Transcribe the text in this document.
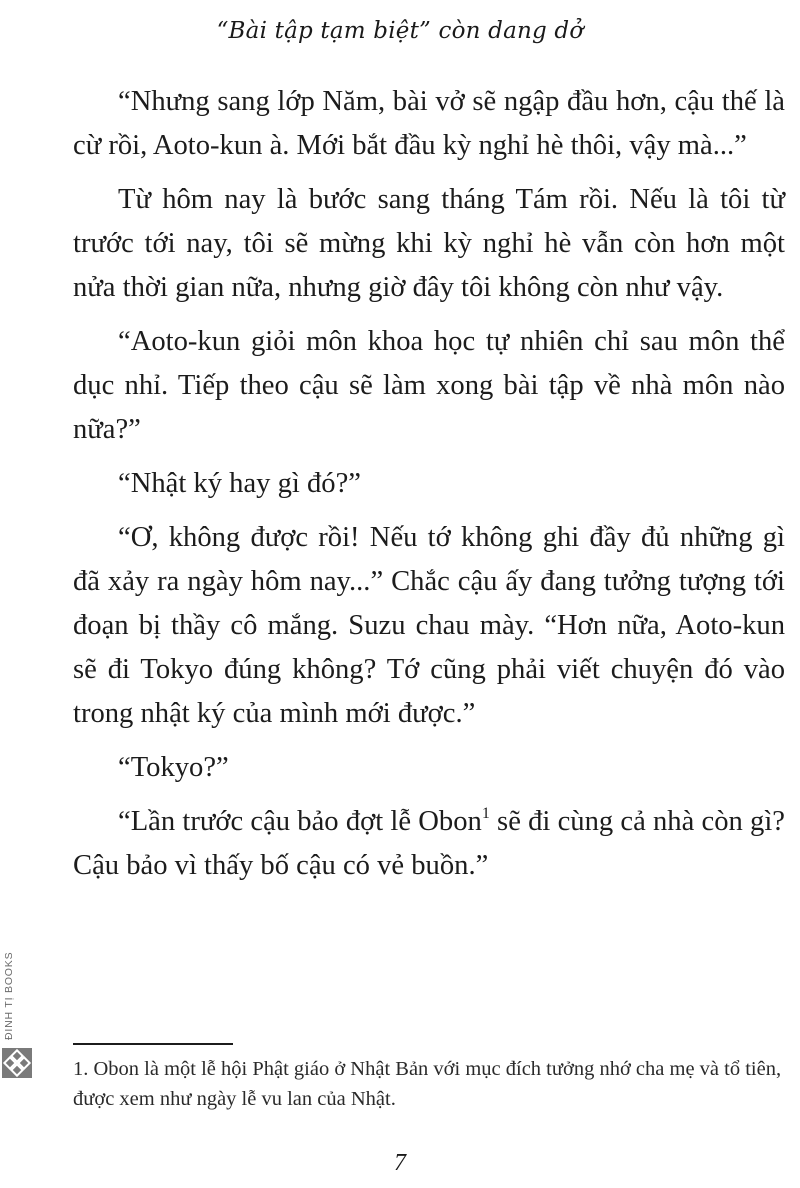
“Bài tập tạm biệt” còn dang dở

“Nhưng sang lớp Năm, bài vở sẽ ngập đầu hơn, cậu thế là cừ rồi, Aoto-kun à. Mới bắt đầu kỳ nghỉ hè thôi, vậy mà...”

Từ hôm nay là bước sang tháng Tám rồi. Nếu là tôi từ trước tới nay, tôi sẽ mừng khi kỳ nghỉ hè vẫn còn hơn một nửa thời gian nữa, nhưng giờ đây tôi không còn như vậy.

“Aoto-kun giỏi môn khoa học tự nhiên chỉ sau môn thể dục nhỉ. Tiếp theo cậu sẽ làm xong bài tập về nhà môn nào nữa?”

“Nhật ký hay gì đó?”

“Ơ, không được rồi! Nếu tớ không ghi đầy đủ những gì đã xảy ra ngày hôm nay...” Chắc cậu ấy đang tưởng tượng tới đoạn bị thầy cô mắng. Suzu chau mày. “Hơn nữa, Aoto-kun sẽ đi Tokyo đúng không? Tớ cũng phải viết chuyện đó vào trong nhật ký của mình mới được.”

“Tokyo?”

“Lần trước cậu bảo đợt lễ Obon$^1$ sẽ đi cùng cả nhà còn gì? Cậu bảo vì thấy bố cậu có vẻ buồn.”

1. Obon là một lễ hội Phật giáo ở Nhật Bản với mục đích tưởng nhớ cha mẹ và tổ tiên, được xem như ngày lễ vu lan của Nhật.
7
ĐINH TỊ BOOKS
